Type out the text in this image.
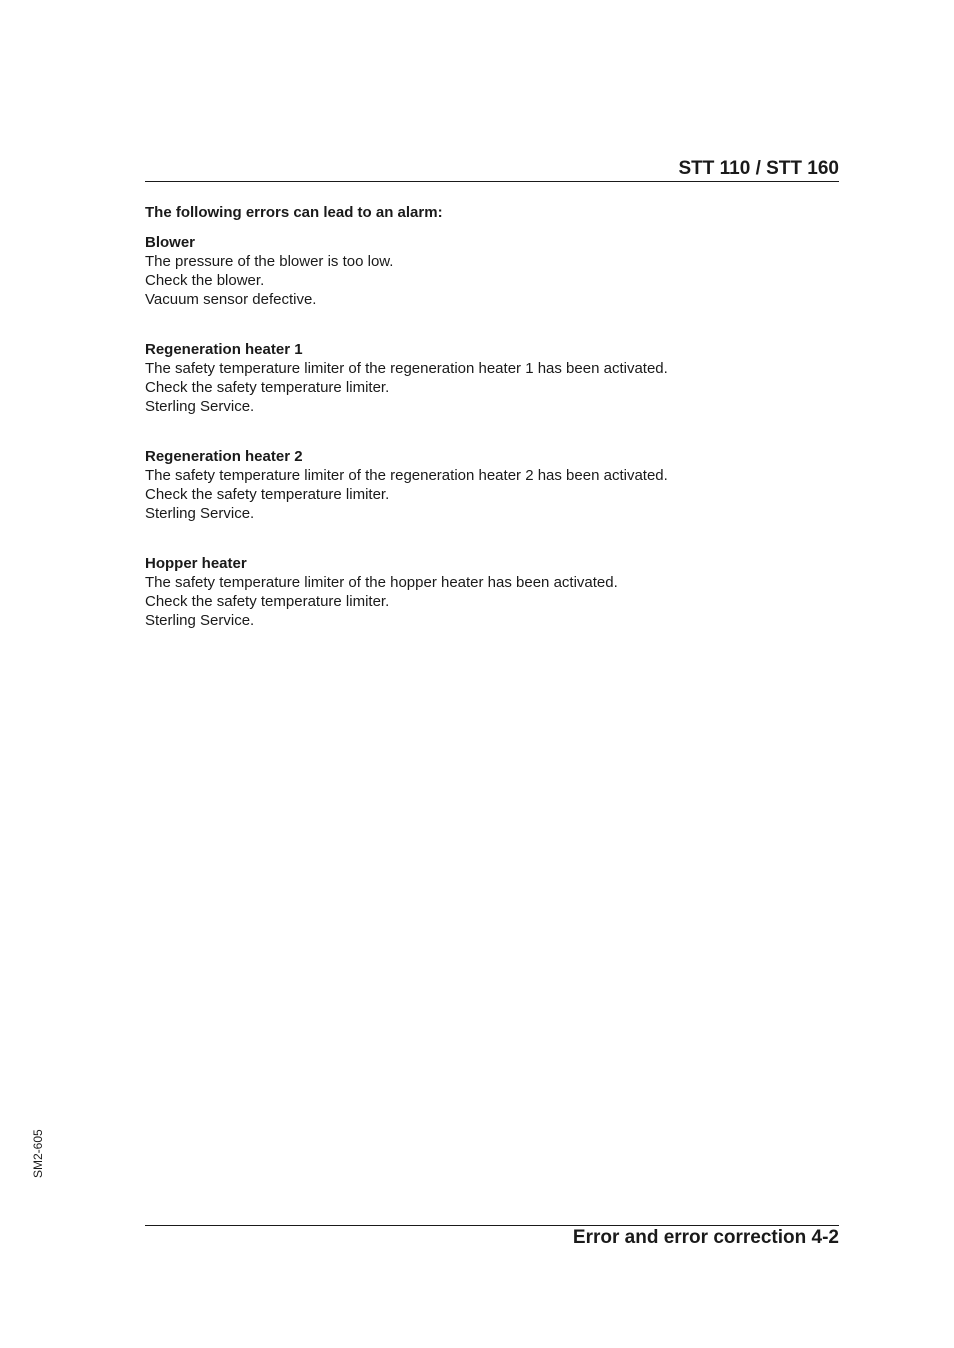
STT 110 / STT 160

The following errors can lead to an alarm:

Blower

The pressure of the blower is too low.

Check the blower.

Vacuum sensor defective.

Regeneration heater 1

The safety temperature limiter of the regeneration heater 1 has been activated.

Check the safety temperature limiter.

Sterling Service.

Regeneration heater 2

The safety temperature limiter of the regeneration heater 2 has been activated.

Check the safety temperature limiter.

Sterling Service.

Hopper heater

The safety temperature limiter of the hopper heater has been activated.

Check the safety temperature limiter.

Sterling Service.

SM2-605

Error and error correction 4-2
